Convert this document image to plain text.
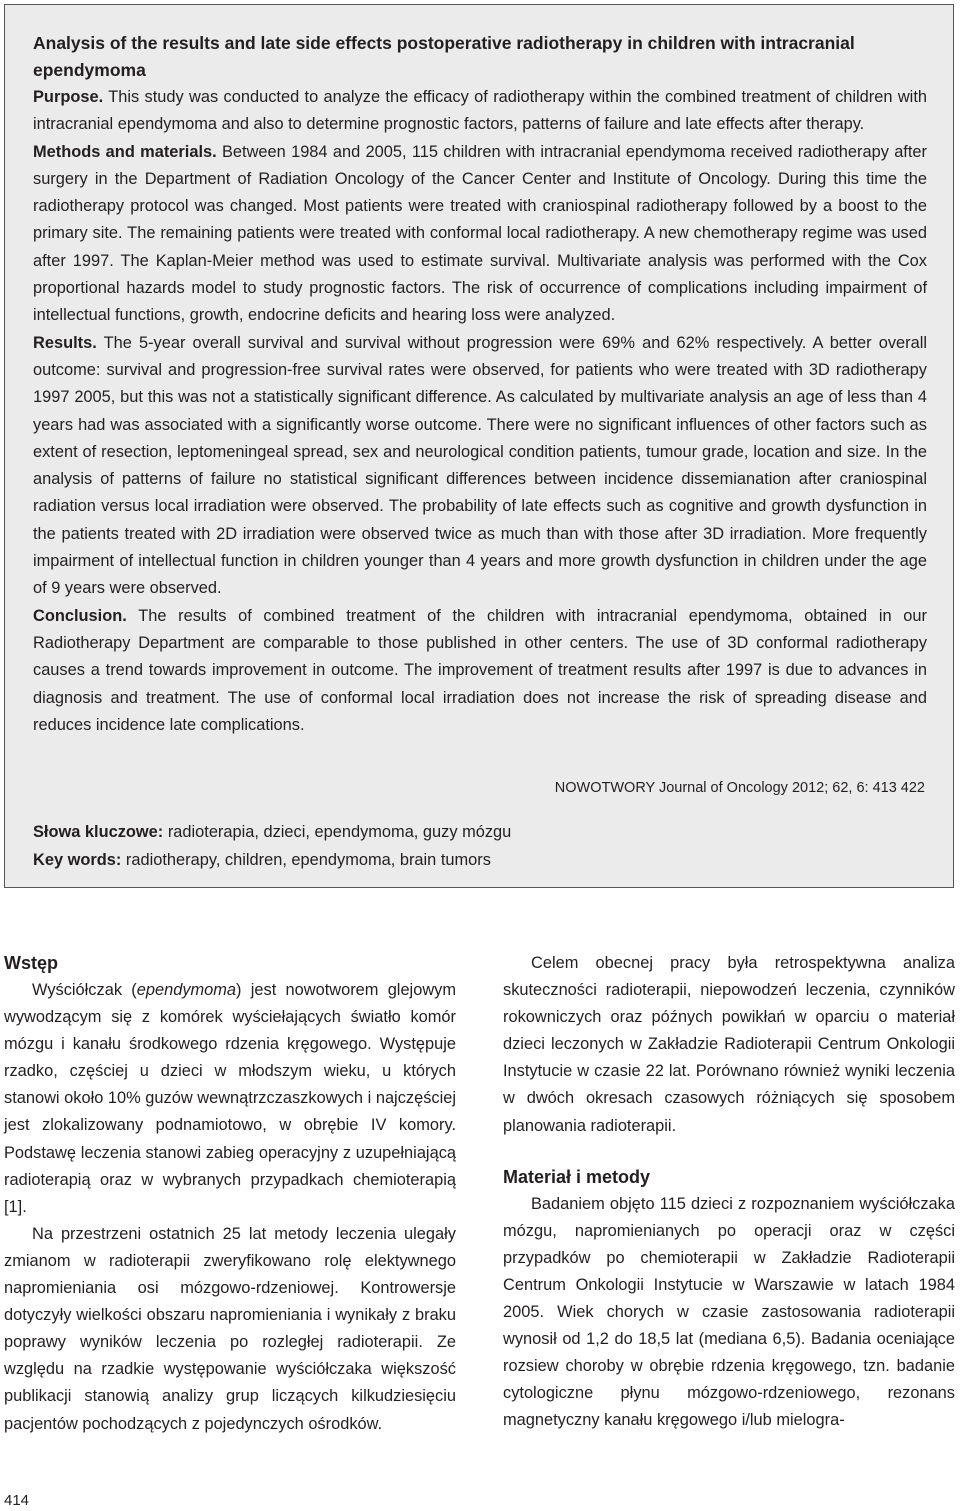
Analysis of the results and late side effects postoperative radiotherapy in children with intracranial ependymoma

Purpose. This study was conducted to analyze the efficacy of radiotherapy within the combined treatment of children with intracranial ependymoma and also to determine prognostic factors, patterns of failure and late effects after therapy.

Methods and materials. Between 1984 and 2005, 115 children with intracranial ependymoma received radiotherapy after surgery in the Department of Radiation Oncology of the Cancer Center and Institute of Oncology. During this time the radiotherapy protocol was changed. Most patients were treated with craniospinal radiotherapy followed by a boost to the primary site. The remaining patients were treated with conformal local radiotherapy. A new chemotherapy regime was used after 1997. The Kaplan-Meier method was used to estimate survival. Multivariate analysis was performed with the Cox proportional hazards model to study prognostic factors. The risk of occurrence of complications including impairment of intellectual functions, growth, endocrine deficits and hearing loss were analyzed.

Results. The 5-year overall survival and survival without progression were 69% and 62% respectively. A better overall outcome: survival and progression-free survival rates were observed, for patients who were treated with 3D radiotherapy 1997 2005, but this was not a statistically significant difference. As calculated by multivariate analysis an age of less than 4 years had was associated with a significantly worse outcome. There were no significant influences of other factors such as extent of resection, leptomeningeal spread, sex and neurological condition patients, tumour grade, location and size. In the analysis of patterns of failure no statistical significant differences between incidence dissemianation after craniospinal radiation versus local irradiation were observed. The probability of late effects such as cognitive and growth dysfunction in the patients treated with 2D irradiation were observed twice as much than with those after 3D irradiation. More frequently impairment of intellectual function in children younger than 4 years and more growth dysfunction in children under the age of 9 years were observed.

Conclusion. The results of combined treatment of the children with intracranial ependymoma, obtained in our Radiotherapy Department are comparable to those published in other centers. The use of 3D conformal radiotherapy causes a trend towards improvement in outcome. The improvement of treatment results after 1997 is due to advances in diagnosis and treatment. The use of conformal local irradiation does not increase the risk of spreading disease and reduces incidence late complications.

NOWOTWORY Journal of Oncology 2012; 62, 6: 413 422
Słowa kluczowe: radioterapia, dzieci, ependymoma, guzy mózgu
Key words: radiotherapy, children, ependymoma, brain tumors
Wstęp

Wyściółczak (ependymoma) jest nowotworem glejowym wywodzącym się z komórek wyściełających światło komór mózgu i kanału środkowego rdzenia kręgowego. Występuje rzadko, częściej u dzieci w młodszym wieku, u których stanowi około 10% guzów wewnątrzczaszkowych i najczęściej jest zlokalizowany podnamiotowo, w obrębie IV komory. Podstawę leczenia stanowi zabieg operacyjny z uzupełniającą radioterapią oraz w wybranych przypadkach chemioterapią [1].

Na przestrzeni ostatnich 25 lat metody leczenia ulegały zmianom w radioterapii zweryfikowano rolę elektywnego napromieniania osi mózgowo-rdzeniowej. Kontrowersje dotyczyły wielkości obszaru napromieniania i wynikały z braku poprawy wyników leczenia po rozległej radioterapii. Ze względu na rzadkie występowanie wyściółczaka większość publikacji stanowią analizy grup liczących kilkudziesięciu pacjentów pochodzących z pojedynczych ośrodków.

Celem obecnej pracy była retrospektywna analiza skuteczności radioterapii, niepowodzeń leczenia, czynników rokowniczych oraz późnych powikłań w oparciu o materiał dzieci leczonych w Zakładzie Radioterapii Centrum Onkologii Instytucie w czasie 22 lat. Porównano również wyniki leczenia w dwóch okresach czasowych różniących się sposobem planowania radioterapii.

Materiał i metody

Badaniem objęto 115 dzieci z rozpoznaniem wyściółczaka mózgu, napromienianych po operacji oraz w części przypadków po chemioterapii w Zakładzie Radioterapii Centrum Onkologii Instytucie w Warszawie w latach 1984 2005. Wiek chorych w czasie zastosowania radioterapii wynosił od 1,2 do 18,5 lat (mediana 6,5). Badania oceniające rozsiew choroby w obrębie rdzenia kręgowego, tzn. badanie cytologiczne płynu mózgowo-rdzeniowego, rezonans magnetyczny kanału kręgowego i/lub mielogra-

414
